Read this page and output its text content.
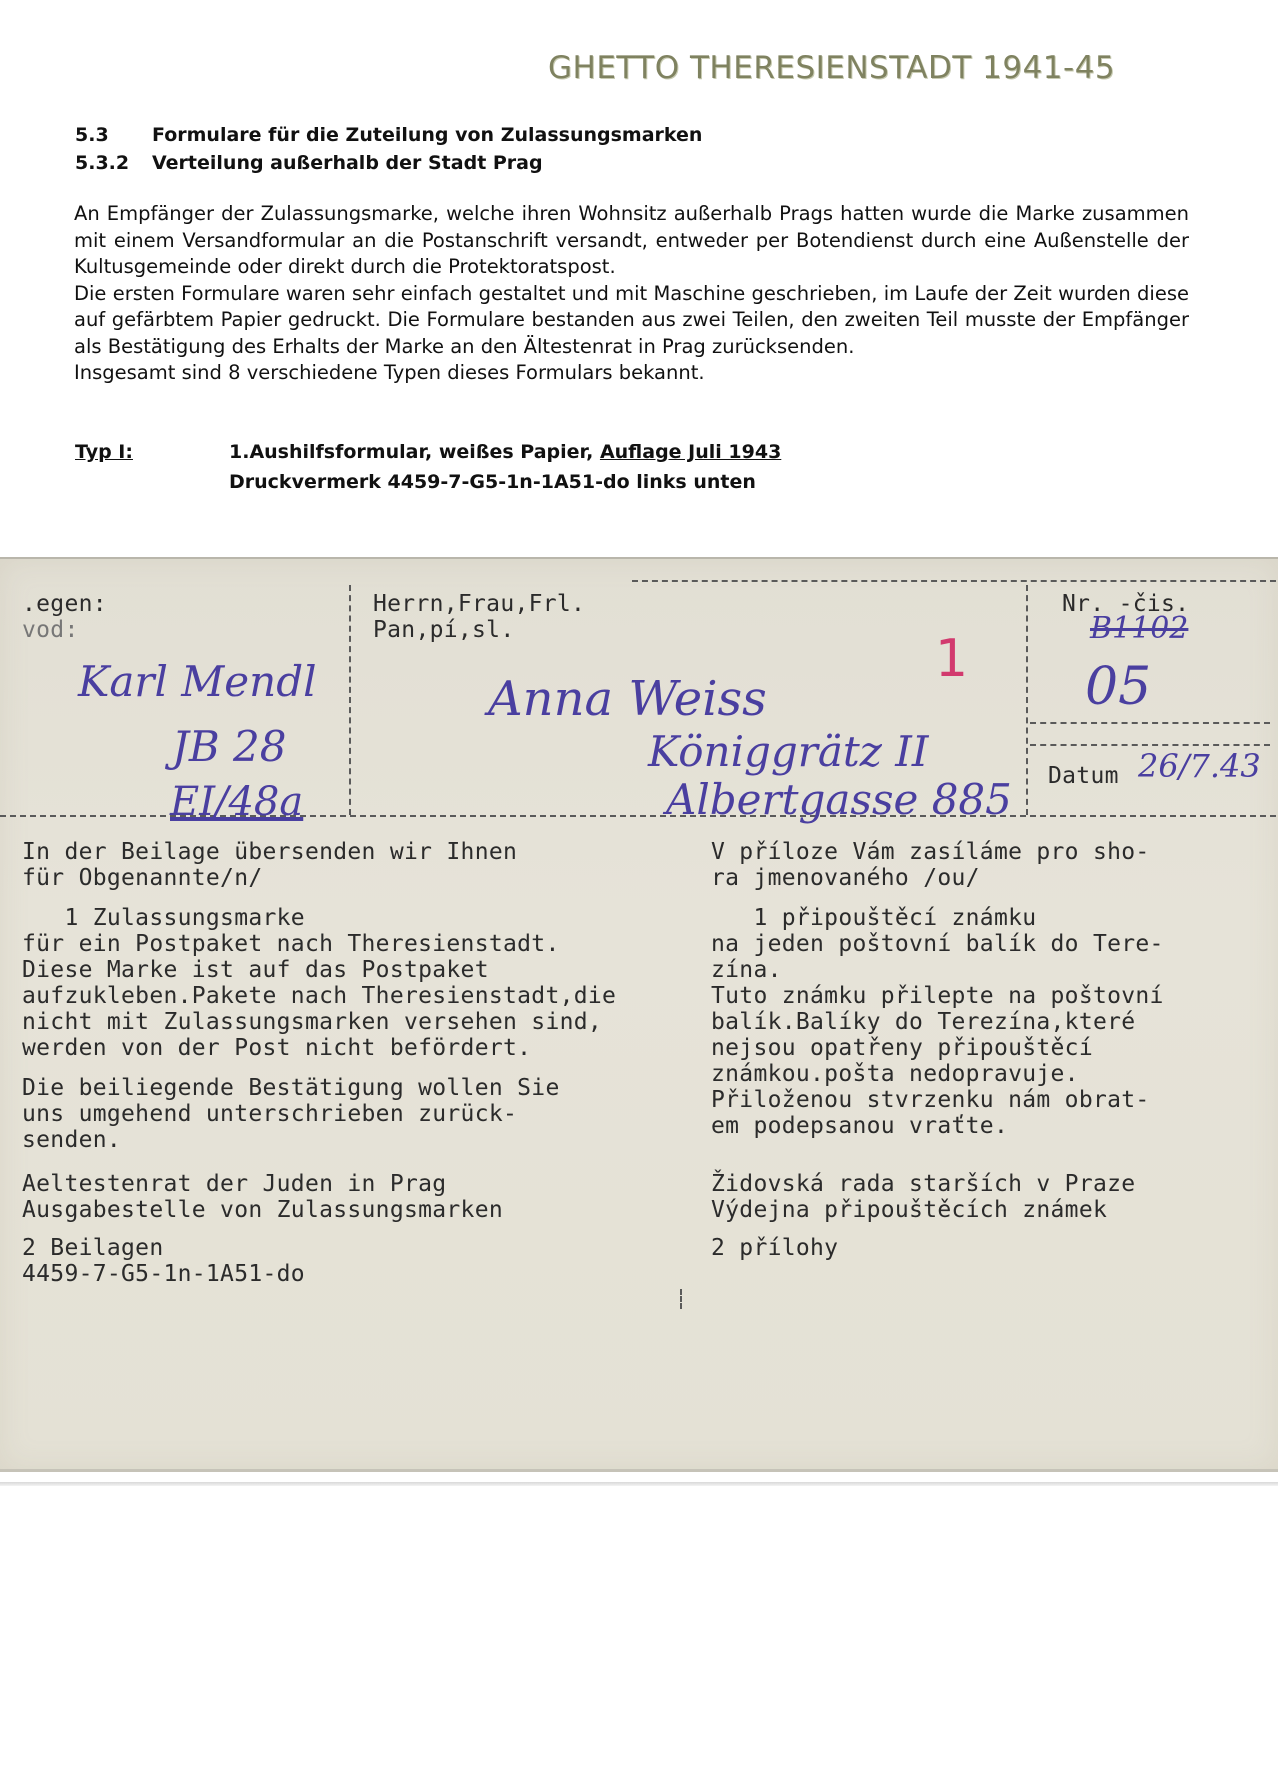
GHETTO THERESIENSTADT 1941-45
5.3 Formulare für die Zuteilung von Zulassungsmarken
5.3.2 Verteilung außerhalb der Stadt Prag

An Empfänger der Zulassungsmarke, welche ihren Wohnsitz außerhalb Prags hatten wurde die Marke zusammen mit einem Versandformular an die Postanschrift versandt, entweder per Botendienst durch eine Außenstelle der Kultusgemeinde oder direkt durch die Protektoratspost.

Die ersten Formulare waren sehr einfach gestaltet und mit Maschine geschrieben, im Laufe der Zeit wurden diese auf gefärbtem Papier gedruckt. Die Formulare bestanden aus zwei Teilen, den zweiten Teil musste der Empfänger als Bestätigung des Erhalts der Marke an den Ältestenrat in Prag zurücksenden.

Insgesamt sind 8 verschiedene Typen dieses Formulars bekannt.

Typ I:	1.Aushilfsformular, weißes Papier, Auflage Juli 1943
Druckvermerk 4459-7-G5-1n-1A51-do links unten
.egen:
vod:
Herrn,Frau,Frl.
Pan,pí,sl.
Nr. -čis.
Datum
B1102
05
26/7.43
1
Karl Mendl
JB 28
EI/48a
Anna Weiss
Königgrätz II
Albertgasse 885
In der Beilage übersenden wir Ihnen
für Obgenannte/n/
1 Zulassungsmarke
für ein Postpaket nach Theresienstadt.
Diese Marke ist auf das Postpaket
aufzukleben.Pakete nach Theresienstadt,die
nicht mit Zulassungsmarken versehen sind,
werden von der Post nicht befördert.
Die beiliegende Bestätigung wollen Sie
uns umgehend unterschrieben zurück-
senden.
Aeltestenrat der Juden in Prag
Ausgabestelle von Zulassungsmarken
2 Beilagen
4459-7-G5-1n-1A51-do
V příloze Vám zasíláme pro sho-
ra jmenovaného /ou/
1 připouštěcí známku
na jeden poštovní balík do Tere-
zína.
Tuto známku přilepte na poštovní
balík.Balíky do Terezína,které
nejsou opatřeny připouštěcí
známkou.pošta nedopravuje.
Přiloženou stvrzenku nám obrat-
em podepsanou vraťte.
Židovská rada starších v Praze
Výdejna připouštěcích známek
2 přílohy
